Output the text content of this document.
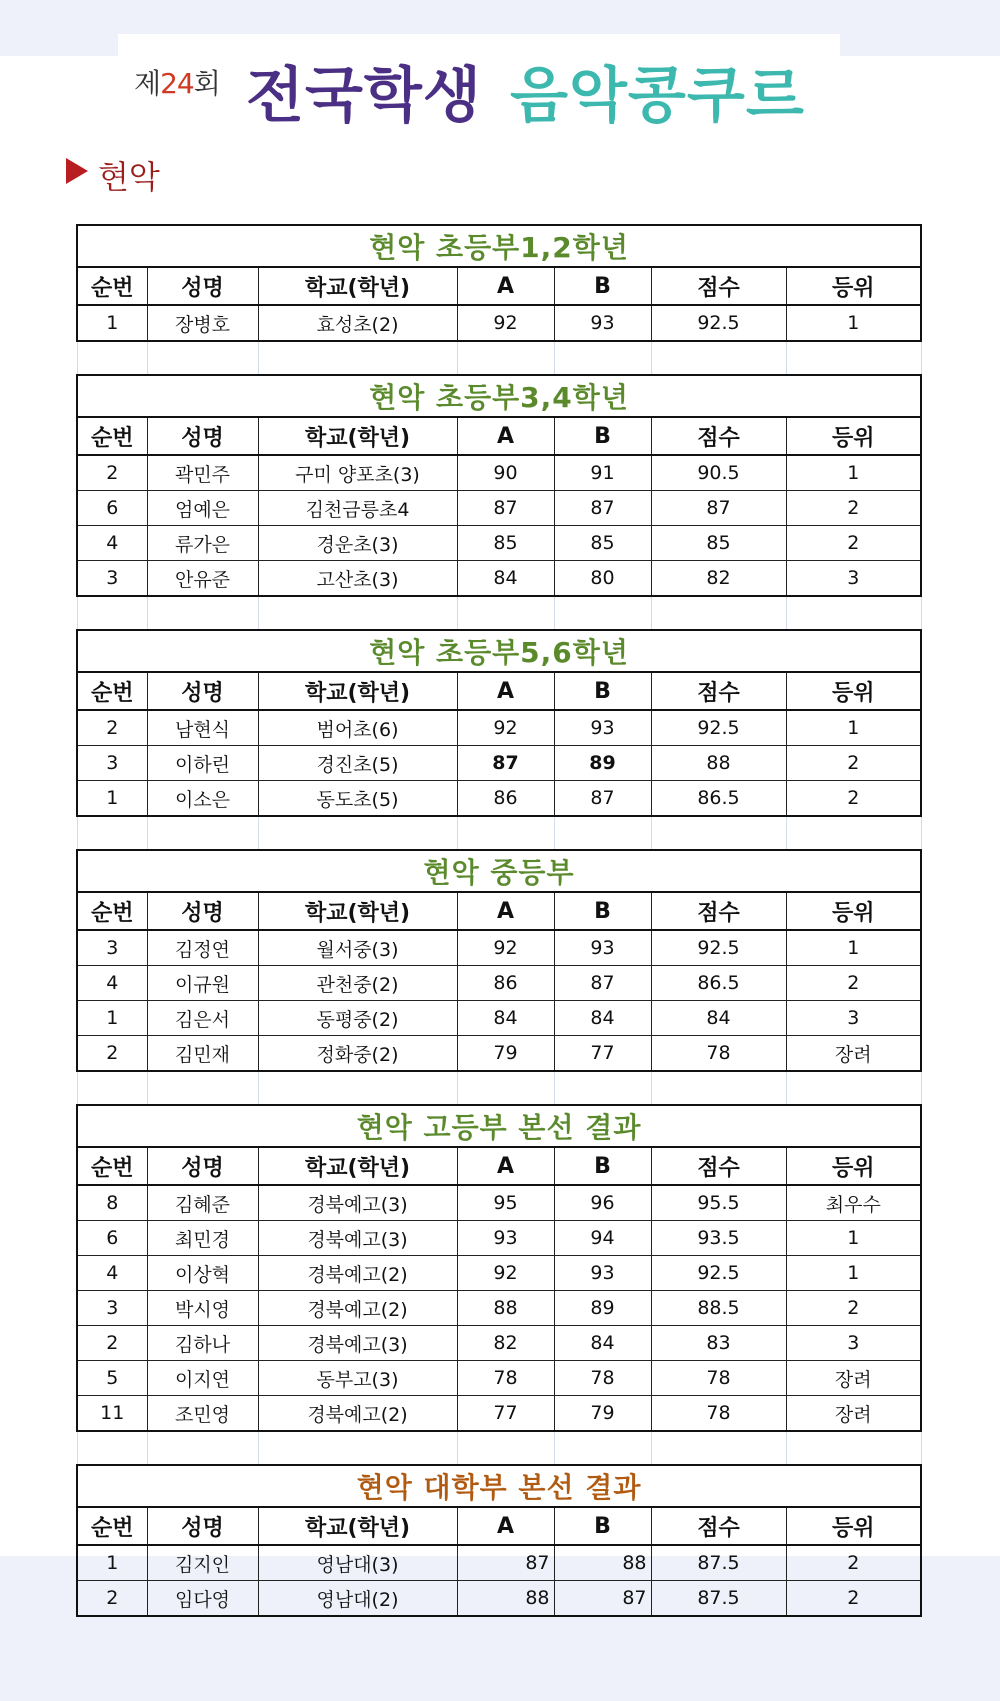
제24회 전국학생 음악콩쿠르
현악
현악 초등부1,2학년						
순번	성명	학교(학년)	A	B	점수	등위
1	장병호	효성초(2)	92	93	92.5	1

현악 초등부3,4학년						
순번	성명	학교(학년)	A	B	점수	등위
2	곽민주	구미 양포초(3)	90	91	90.5	1
6	엄예은	김천금릉초4	87	87	87	2
4	류가은	경운초(3)	85	85	85	2
3	안유준	고산초(3)	84	80	82	3

현악 초등부5,6학년						
순번	성명	학교(학년)	A	B	점수	등위
2	남현식	범어초(6)	92	93	92.5	1
3	이하린	경진초(5)	87	89	88	2
1	이소은	동도초(5)	86	87	86.5	2

현악 중등부						
순번	성명	학교(학년)	A	B	점수	등위
3	김정연	월서중(3)	92	93	92.5	1
4	이규원	관천중(2)	86	87	86.5	2
1	김은서	동평중(2)	84	84	84	3
2	김민재	정화중(2)	79	77	78	장려

현악 고등부 본선 결과						
순번	성명	학교(학년)	A	B	점수	등위
8	김혜준	경북예고(3)	95	96	95.5	최우수
6	최민경	경북예고(3)	93	94	93.5	1
4	이상혁	경북예고(2)	92	93	92.5	1
3	박시영	경북예고(2)	88	89	88.5	2
2	김하나	경북예고(3)	82	84	83	3
5	이지연	동부고(3)	78	78	78	장려
11	조민영	경북예고(2)	77	79	78	장려

현악 대학부 본선 결과						
순번	성명	학교(학년)	A	B	점수	등위
1	김지인	영남대(3)	87	88	87.5	2
2	임다영	영남대(2)	88	87	87.5	2
